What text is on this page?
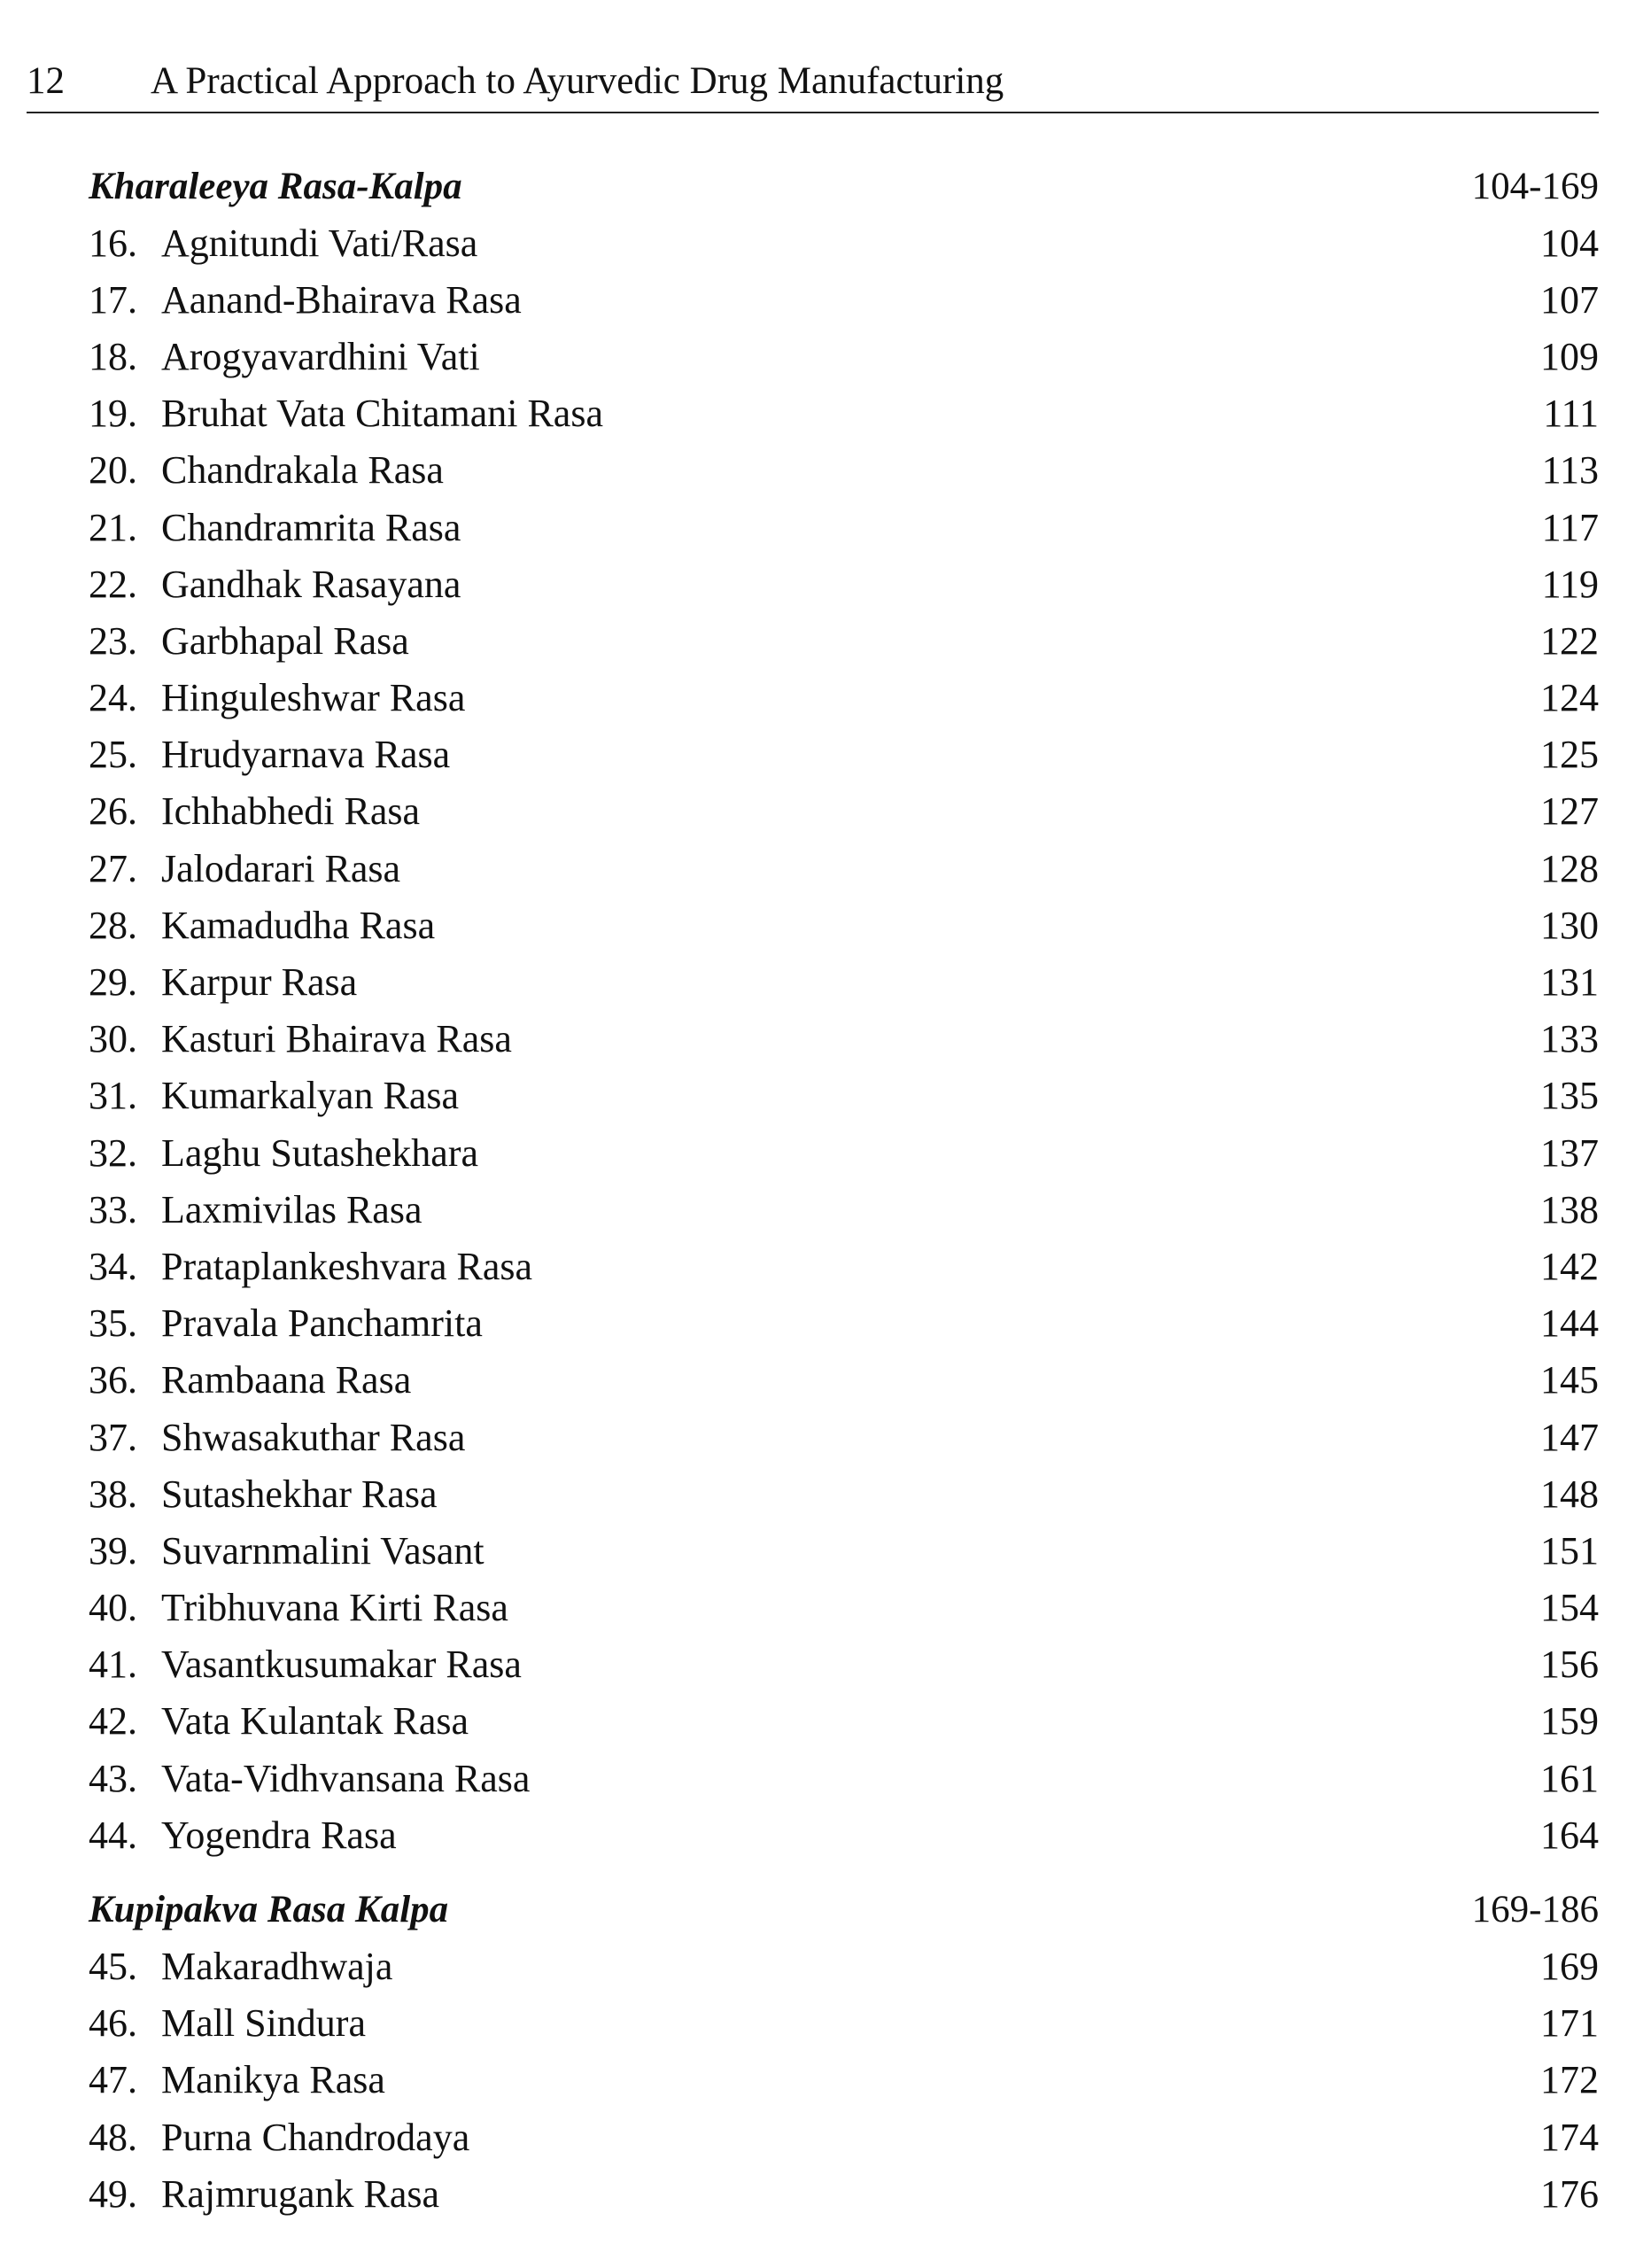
12 A Practical Approach to Ayurvedic Drug Manufacturing
Kharaleeya Rasa-Kalpa	104-169
16. Agnitundi Vati/Rasa	104
17. Aanand-Bhairava Rasa	107
18. Arogyavardhini Vati	109
19. Bruhat Vata Chitamani Rasa	111
20. Chandrakala Rasa	113
21. Chandramrita Rasa	117
22. Gandhak Rasayana	119
23. Garbhapal Rasa	122
24. Hinguleshwar Rasa	124
25. Hrudyarnava Rasa	125
26. Ichhabhedi Rasa	127
27. Jalodarari Rasa	128
28. Kamadudha Rasa	130
29. Karpur Rasa	131
30. Kasturi Bhairava Rasa	133
31. Kumarkalyan Rasa	135
32. Laghu Sutashekhara	137
33. Laxmivilas Rasa	138
34. Prataplankeshvara Rasa	142
35. Pravala Panchamrita	144
36. Rambaana Rasa	145
37. Shwasakuthar Rasa	147
38. Sutashekhar Rasa	148
39. Suvarnmalini Vasant	151
40. Tribhuvana Kirti Rasa	154
41. Vasantkusumakar Rasa	156
42. Vata Kulantak Rasa	159
43. Vata-Vidhvansana Rasa	161
44. Yogendra Rasa	164
Kupipakva Rasa Kalpa	169-186
45. Makaradhwaja	169
46. Mall Sindura	171
47. Manikya Rasa	172
48. Purna Chandrodaya	174
49. Rajmrugank Rasa	176
